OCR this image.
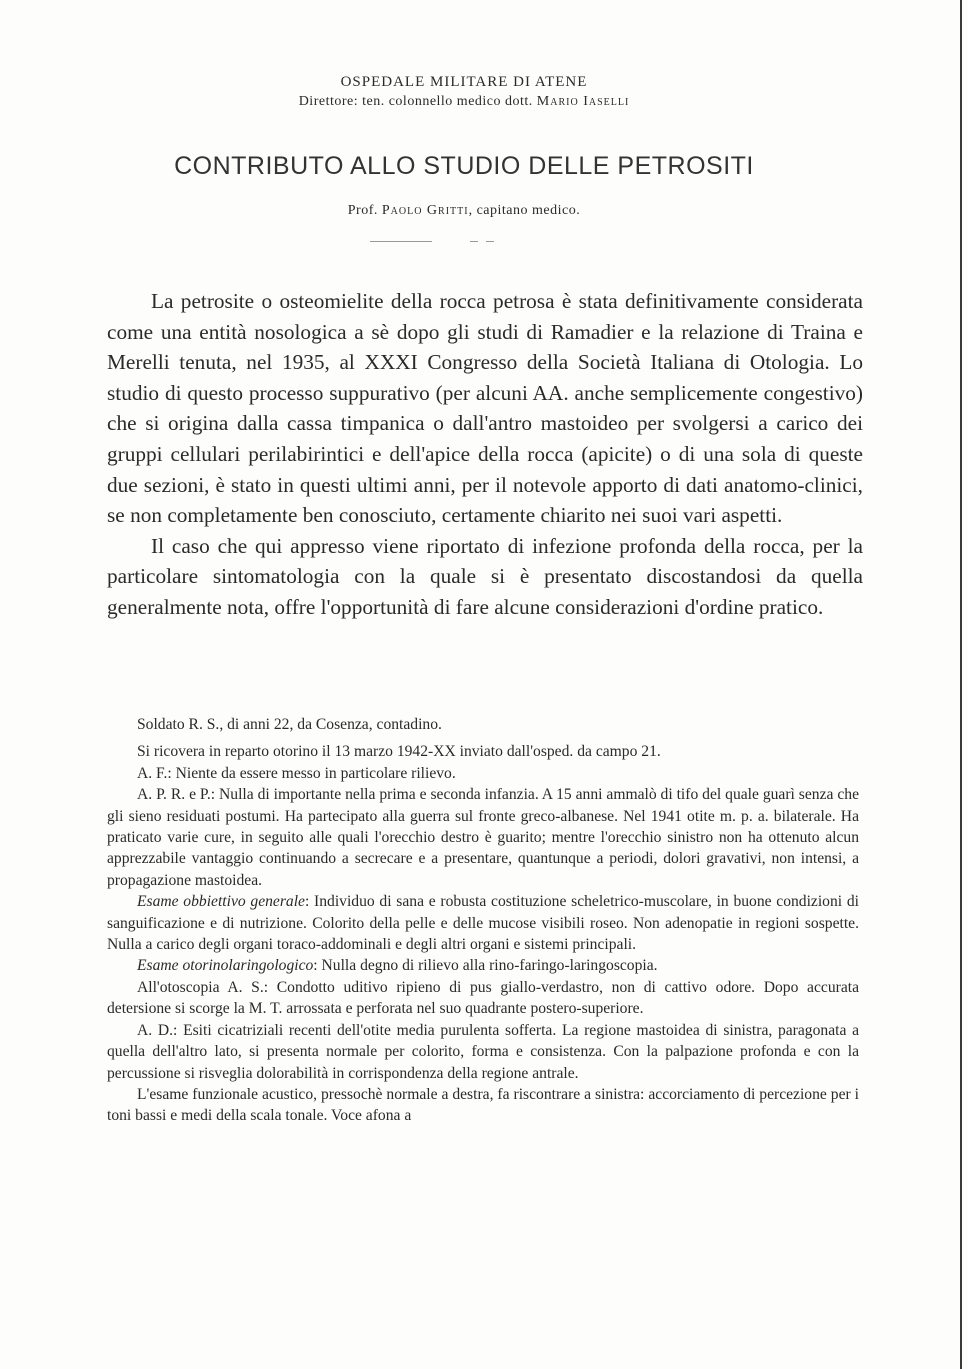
OSPEDALE MILITARE DI ATENE
Direttore: ten. colonnello medico dott. Mario Iaselli
CONTRIBUTO ALLO STUDIO DELLE PETROSITI
Prof. Paolo Gritti, capitano medico.

La petrosite o osteomielite della rocca petrosa è stata definitivamente considerata come una entità nosologica a sè dopo gli studi di Ramadier e la relazione di Traina e Merelli tenuta, nel 1935, al XXXI Congresso della Società Italiana di Otologia. Lo studio di questo processo suppurativo (per alcuni AA. anche semplicemente congestivo) che si origina dalla cassa timpanica o dall'antro mastoideo per svolgersi a carico dei gruppi cellulari perilabirintici e dell'apice della rocca (apicite) o di una sola di queste due sezioni, è stato in questi ultimi anni, per il notevole apporto di dati anatomo-clinici, se non completamente ben conosciuto, certamente chiarito nei suoi vari aspetti.

Il caso che qui appresso viene riportato di infezione profonda della rocca, per la particolare sintomatologia con la quale si è presentato discostandosi da quella generalmente nota, offre l'opportunità di fare alcune considerazioni d'ordine pratico.

Soldato R. S., di anni 22, da Cosenza, contadino.

Si ricovera in reparto otorino il 13 marzo 1942-XX inviato dall'osped. da campo 21.

A. F.: Niente da essere messo in particolare rilievo.

A. P. R. e P.: Nulla di importante nella prima e seconda infanzia. A 15 anni ammalò di tifo del quale guarì senza che gli sieno residuati postumi. Ha partecipato alla guerra sul fronte greco-albanese. Nel 1941 otite m. p. a. bilaterale. Ha praticato varie cure, in seguito alle quali l'orecchio destro è guarito; mentre l'orecchio sinistro non ha ottenuto alcun apprezzabile vantaggio continuando a secrecare e a presentare, quantunque a periodi, dolori gravativi, non intensi, a propagazione mastoidea.

Esame obbiettivo generale: Individuo di sana e robusta costituzione scheletrico-muscolare, in buone condizioni di sanguificazione e di nutrizione. Colorito della pelle e delle mucose visibili roseo. Non adenopatie in regioni sospette. Nulla a carico degli organi toraco-addominali e degli altri organi e sistemi principali.

Esame otorinolaringologico: Nulla degno di rilievo alla rino-faringo-laringoscopia.

All'otoscopia A. S.: Condotto uditivo ripieno di pus giallo-verdastro, non di cattivo odore. Dopo accurata detersione si scorge la M. T. arrossata e perforata nel suo quadrante postero-superiore.

A. D.: Esiti cicatriziali recenti dell'otite media purulenta sofferta. La regione mastoidea di sinistra, paragonata a quella dell'altro lato, si presenta normale per colorito, forma e consistenza. Con la palpazione profonda e con la percussione si risveglia dolorabilità in corrispondenza della regione antrale.

L'esame funzionale acustico, pressochè normale a destra, fa riscontrare a sinistra: accorciamento di percezione per i toni bassi e medi della scala tonale. Voce afona a
